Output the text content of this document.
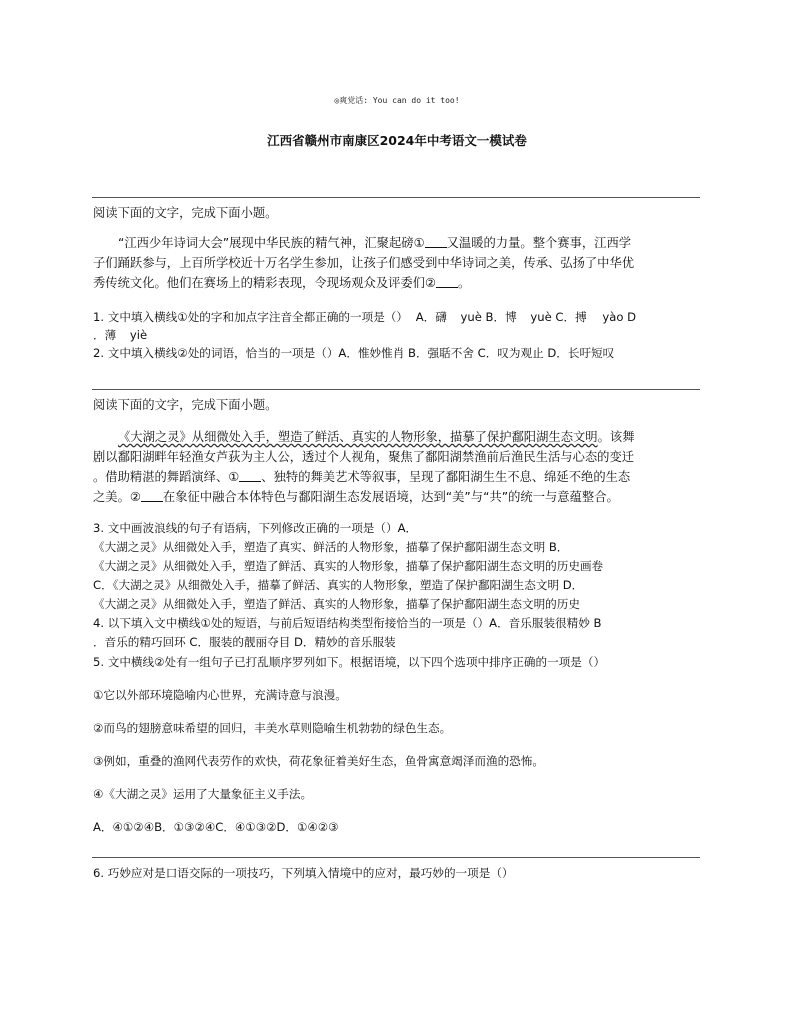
◎爽党话: You can do it too!
江西省赣州市南康区2024年中考语文一模试卷
阅读下面的文字，完成下面小题。
“江西少年诗词大会”展现中华民族的精气神，汇聚起磅① 又温暖的力量。整个赛事，江西学
子们踊跃参与，上百所学校近十万名学生参加，让孩子们感受到中华诗词之美，传承、弘扬了中华优
秀传统文化。他们在赛场上的精彩表现，令现场观众及评委们② 。
1. 文中填入横线①处的字和加点字注音全都正确的一项是（） A．礴 yuè B．博 yuè C．搏 yào D
．薄 yiè
2. 文中填入横线②处的词语，恰当的一项是（）A．惟妙惟肖 B．强聒不舍 C．叹为观止 D．长吁短叹
阅读下面的文字，完成下面小题。
《大湖之灵》从细微处入手，塑造了鲜活、真实的人物形象，描摹了保护鄱阳湖生态文明。该舞
剧以鄱阳湖畔年轻渔女芦荻为主人公，透过个人视角，聚焦了鄱阳湖禁渔前后渔民生活与心态的变迁
。借助精湛的舞蹈演绎、① 、独特的舞美艺术等叙事，呈现了鄱阳湖生生不息、绵延不绝的生态
之美。② 在象征中融合本体特色与鄱阳湖生态发展语境，达到“美”与“共”的统一与意蕴整合。
3. 文中画波浪线的句子有语病，下列修改正确的一项是（）A．
《大湖之灵》从细微处入手，塑造了真实、鲜活的人物形象，描摹了保护鄱阳湖生态文明 B．
《大湖之灵》从细微处入手，塑造了鲜活、真实的人物形象，描摹了保护鄱阳湖生态文明的历史画卷
C．《大湖之灵》从细微处入手，描摹了鲜活、真实的人物形象，塑造了保护鄱阳湖生态文明 D．
《大湖之灵》从细微处入手，塑造了鲜活、真实的人物形象，描摹了保护鄱阳湖生态文明的历史
4. 以下填入文中横线①处的短语，与前后短语结构类型衔接恰当的一项是（）A．音乐服装很精妙 B
．音乐的精巧回环 C．服装的靓丽夺目 D．精妙的音乐服装
5. 文中横线②处有一组句子已打乱顺序罗列如下。根据语境，以下四个选项中排序正确的一项是（）
①它以外部环境隐喻内心世界，充满诗意与浪漫。
②而鸟的翅膀意味希望的回归，丰美水草则隐喻生机勃勃的绿色生态。
③例如，重叠的渔网代表劳作的欢快，荷花象征着美好生态，鱼骨寓意竭泽而渔的恐怖。
④《大湖之灵》运用了大量象征主义手法。
A．④①②④B．①③②④C．④①③②D．①④②③
6. 巧妙应对是口语交际的一项技巧，下列填入情境中的应对，最巧妙的一项是（）
